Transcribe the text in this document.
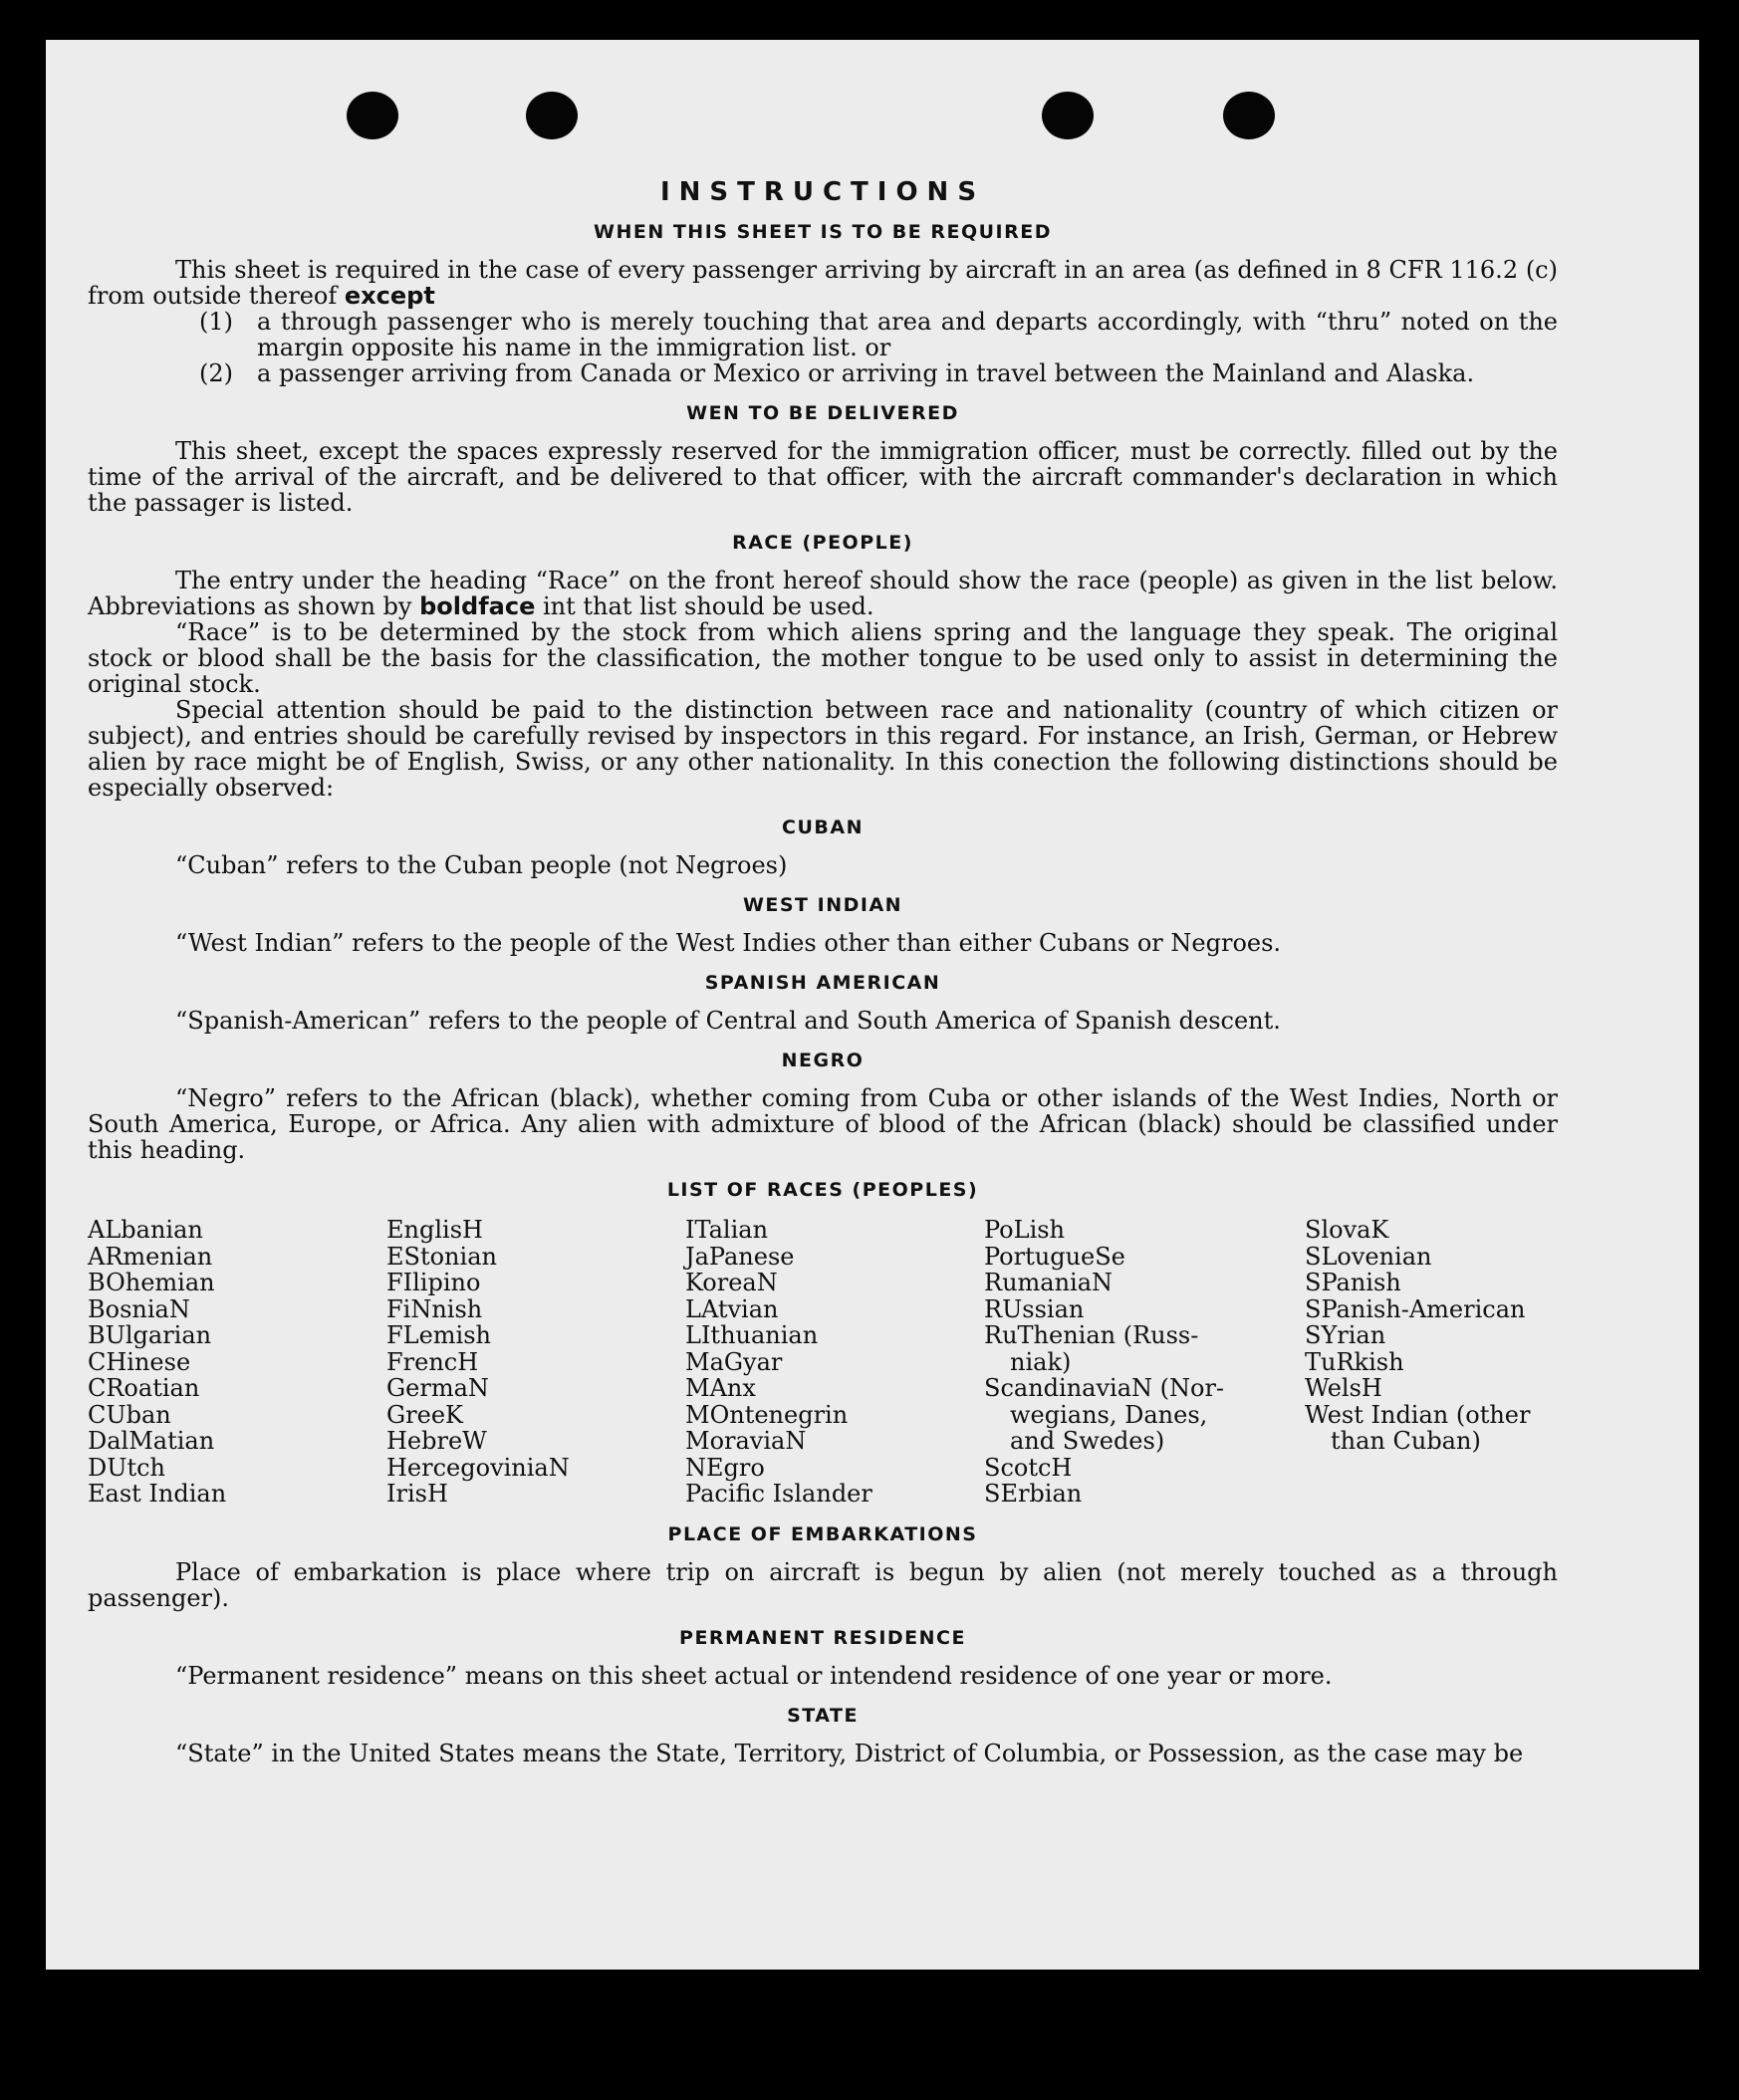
INSTRUCTIONS
WHEN THIS SHEET IS TO BE REQUIRED

This sheet is required in the case of every passenger arriving by aircraft in an area (as defined in 8 CFR 116.2 (c) from outside thereof except

(1)	a through passenger who is merely touching that area and departs accordingly, with “thru” noted on the margin opposite his name in the immigration list. or
(2)	a passenger arriving from Canada or Mexico or arriving in travel between the Mainland and Alaska.
WEN TO BE DELIVERED

This sheet, except the spaces expressly reserved for the immigration officer, must be correctly. filled out by the time of the arrival of the aircraft, and be delivered to that officer, with the aircraft commander's declaration in which the passager is listed.

RACE (PEOPLE)

The entry under the heading “Race” on the front hereof should show the race (people) as given in the list below. Abbreviations as shown by boldface int that list should be used.

“Race” is to be determined by the stock from which aliens spring and the language they speak. The original stock or blood shall be the basis for the classification, the mother tongue to be used only to assist in determining the original stock.

Special attention should be paid to the distinction between race and nationality (country of which citizen or subject), and entries should be carefully revised by inspectors in this regard. For instance, an Irish, German, or Hebrew alien by race might be of English, Swiss, or any other nationality. In this conection the following distinctions should be especially observed:

CUBAN

“Cuban” refers to the Cuban people (not Negroes)

WEST INDIAN

“West Indian” refers to the people of the West Indies other than either Cubans or Negroes.

SPANISH AMERICAN

“Spanish-American” refers to the people of Central and South America of Spanish descent.

NEGRO

“Negro” refers to the African (black), whether coming from Cuba or other islands of the West Indies, North or South America, Europe, or Africa. Any alien with admixture of blood of the African (black) should be classified under this heading.

LIST OF RACES (PEOPLES)
ALbanian
ARmenian
BOhemian
BosniaN
BUlgarian
CHinese
CRoatian
CUban
DalMatian
DUtch
East Indian
EnglisH
EStonian
FIlipino
FiNnish
FLemish
FrencH
GermaN
GreeK
HebreW
HercegoviniaN
IrisH
ITalian
JaPanese
KoreaN
LAtvian
LIthuanian
MaGyar
MAnx
MOntenegrin
MoraviaN
NEgro
Pacific Islander
PoLish
PortugueSe
RumaniaN
RUssian
RuThenian (Russ-
niak)
ScandinaviaN (Nor-
wegians, Danes,
and Swedes)
ScotcH
SErbian
SlovaK
SLovenian
SPanish
SPanish-American
SYrian
TuRkish
WelsH
West Indian (other
than Cuban)
PLACE OF EMBARKATIONS

Place of embarkation is place where trip on aircraft is begun by alien (not merely touched as a through passenger).

PERMANENT RESIDENCE

“Permanent residence” means on this sheet actual or intendend residence of one year or more.

STATE

“State” in the United States means the State, Territory, District of Columbia, or Possession, as the case may be
